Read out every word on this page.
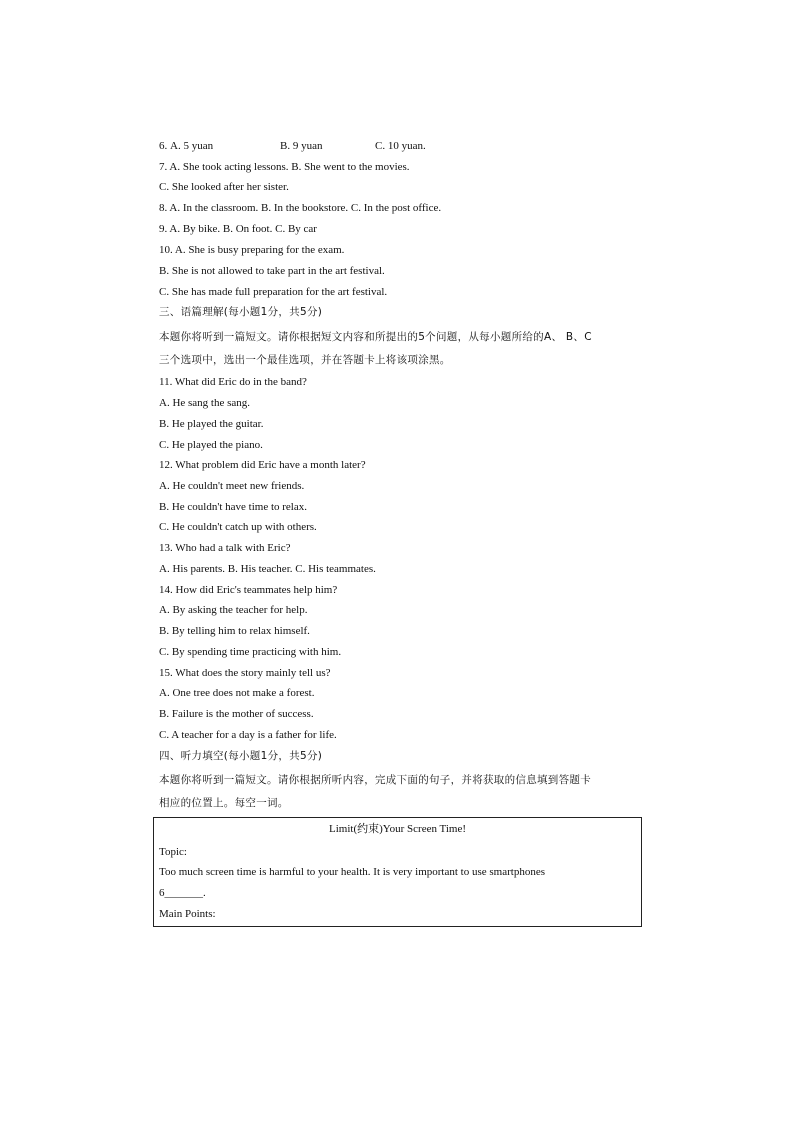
6. A. 5 yuan	B. 9 yuan	C. 10 yuan.
7. A. She took acting lessons. B. She went to the movies.
C. She looked after her sister.
8. A. In the classroom. B. In the bookstore. C. In the post office.
9. A. By bike. B. On foot. C. By car
10. A. She is busy preparing for the exam.
B. She is not allowed to take part in the art festival.
C. She has made full preparation for the art festival.
三、语篇理解(每小题1分，共5分)
本题你将听到一篇短文。请你根据短文内容和所提出的5个问题，从每小题所给的A、 B、C
三个选项中，选出一个最佳选项，并在答题卡上将该项涂黑。
11. What did Eric do in the band?
A. He sang the sang.
B. He played the guitar.
C. He played the piano.
12. What problem did Eric have a month later?
A. He couldn't meet new friends.
B. He couldn't have time to relax.
C. He couldn't catch up with others.
13. Who had a talk with Eric?
A. His parents. B. His teacher. C. His teammates.
14. How did Eric's teammates help him?
A. By asking the teacher for help.
B. By telling him to relax himself.
C. By spending time practicing with him.
15. What does the story mainly tell us?
A. One tree does not make a forest.
B. Failure is the mother of success.
C. A teacher for a day is a father for life.
四、听力填空(每小题1分，共5分)
本题你将听到一篇短文。请你根据所听内容，完成下面的句子，并将获取的信息填到答题卡
相应的位置上。每空一词。
Limit(约束)Your Screen Time!
Topic:
Too much screen time is harmful to your health. It is very important to use smartphones
6_______.
Main Points:
